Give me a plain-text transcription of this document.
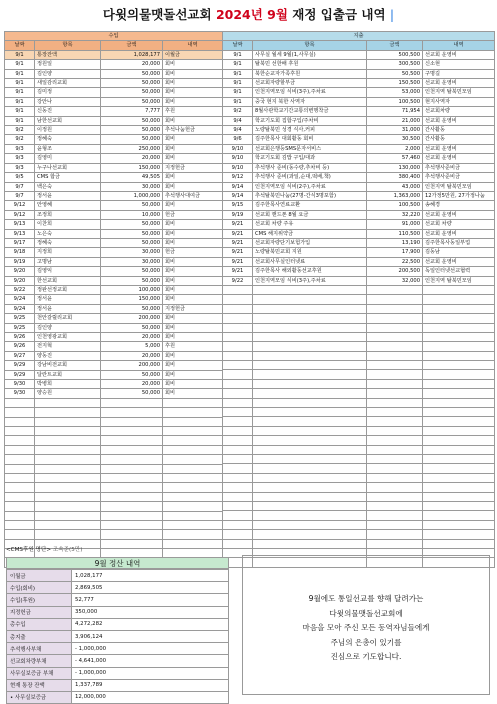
다윗의물맷돌선교회 2024년 9월 재정 입출금 내역 |
수입			
날짜	항목	금액	내역
9/1	통장잔액	1,028,177	이월금
9/1	정원일	20,000	회비
9/1	김인양	50,000	회비
9/1	새일감리교회	50,000	회비
9/1	김미정	50,000	회비
9/1	강안나	50,000	회비
9/1	신동진	7,777	후원
9/1	남한선교회	50,000	회비
9/2	이정원	50,000	추석나눔헌금
9/2	정혜숙	50,000	회비
9/3	윤형조	250,000	회비
9/3	김영미	20,000	회비
9/3	누구나선교회	150,000	지정헌금
9/5	CMS 합금	49,505	회비
9/7	백은숙	30,000	회비
9/7	정서윤	1,000,000	추석행사대여금
9/12	안영혜	50,000	회비
9/12	조정희	10,000	헌금
9/13	이찬희	50,000	회비
9/13	노은숙	50,000	회비
9/17	정혜숙	50,000	회비
9/18	지정희	30,000	헌금
9/19	고명남	30,000	회비
9/20	김영익	50,000	회비
9/20	한선교회	50,000	회비
9/22	정완선정교회	100,000	회비
9/24	정서윤	150,000	회비
9/24	정서윤	50,000	지정헌금
9/25	천안갈릴리교회	200,000	회비
9/25	김인양	50,000	회비
9/26	인천영광교회	20,000	회비
9/26	전지혁	5,000	후원
9/27	양동진	20,000	회비
9/29	강남비전교회	200,000	회비
9/29	달란트교회	50,000	회비
9/30	박병희	20,000	회비
9/30	양승원	50,000	회비

지출			
날짜	항목	금액	내역
9/1	사무실 월세 9월(1,사무실)	500,500	선교회 운영비
9/1	탈북민 선한배 후원	300,500	신소현
9/1	북한순교자가족후원	50,500	구명길
9/1	선교회자량할부금	150,500	선교회 운영비
9/1	인천지역모임 식비(3주),주차료	53,000	인천지역 탈북민모임
9/1	중국 현지 북한 사역자	100,500	현지사역자
9/2	8월사관학교기간교통의변행착금	71,954	선교회차량
9/4	학교기도회 집합구입/주차비	21,000	선교회 운영비
9/4	노량탈북민 성경 식사,커피	31,000	간사활동
9/6	김주한목사 대회활동 회비	30,500	간사활동
9/10	선교회은행등SMS문자서비스	2,000	선교회 운영비
9/10	학교기도회 김밥 구입/대과	57,460	선교회 운영비
9/10	추석행사 준비(동수량,추차비 등)	130,000	추석행사준비금
9/12	추석행사 준비(과일,순대,떡배,책)	380,400	추석행사준비금
9/14	인천지역모임 식비(2주),주차료	43,000	인천지역 탈북민모임
9/14	추석탈북민나눔(27명-간식3명포함)	1,363,000	12가정5만원, 27가정나눔
9/15	김주한목사연료교환	100,500	송혜경
9/19	선교회 핸드폰 8월 요금	32,220	선교회 운영비
9/21	선교회 차량 주유	91,000	선교회 차량
9/21	CMS 해지위약금	110,500	선교회 운영비
9/21	선교회자량단기보험가입	13,190	김주한목사동일부업
9/21	노량탈북민교회 지원	17,900	김동남
9/21	선교회사무실인터넷료	22,500	선교회 운영비
9/21	김주한목사 해외활동선교후원	200,500	독일인터넷선교협력
9/22	인천지역모임 식비(3주),주차료	32,000	인천지역 탈북민모임

<CMS후원 명단> 조속준(5만)
9월 정산 내역
이월금	1,028,177
수입(회비)	2,869,505
수입(후원)	52,777
지정헌금	350,000
총수입	4,272,282
총지출	3,906,124
추석행사부채	- 1,000,000
선교회차량부채	- 4,641,000
사무실보증금 부채	- 1,000,000
현재 통장 잔액	1,337,789
• 사무실보증금	12,000,000

9월에도 통일선교를 향해 달려가는

다윗의물맷돌선교회에

마음을 모아 주신 모든 동역자님들에게

주님의 은총이 있기를

진심으로 기도합니다.
